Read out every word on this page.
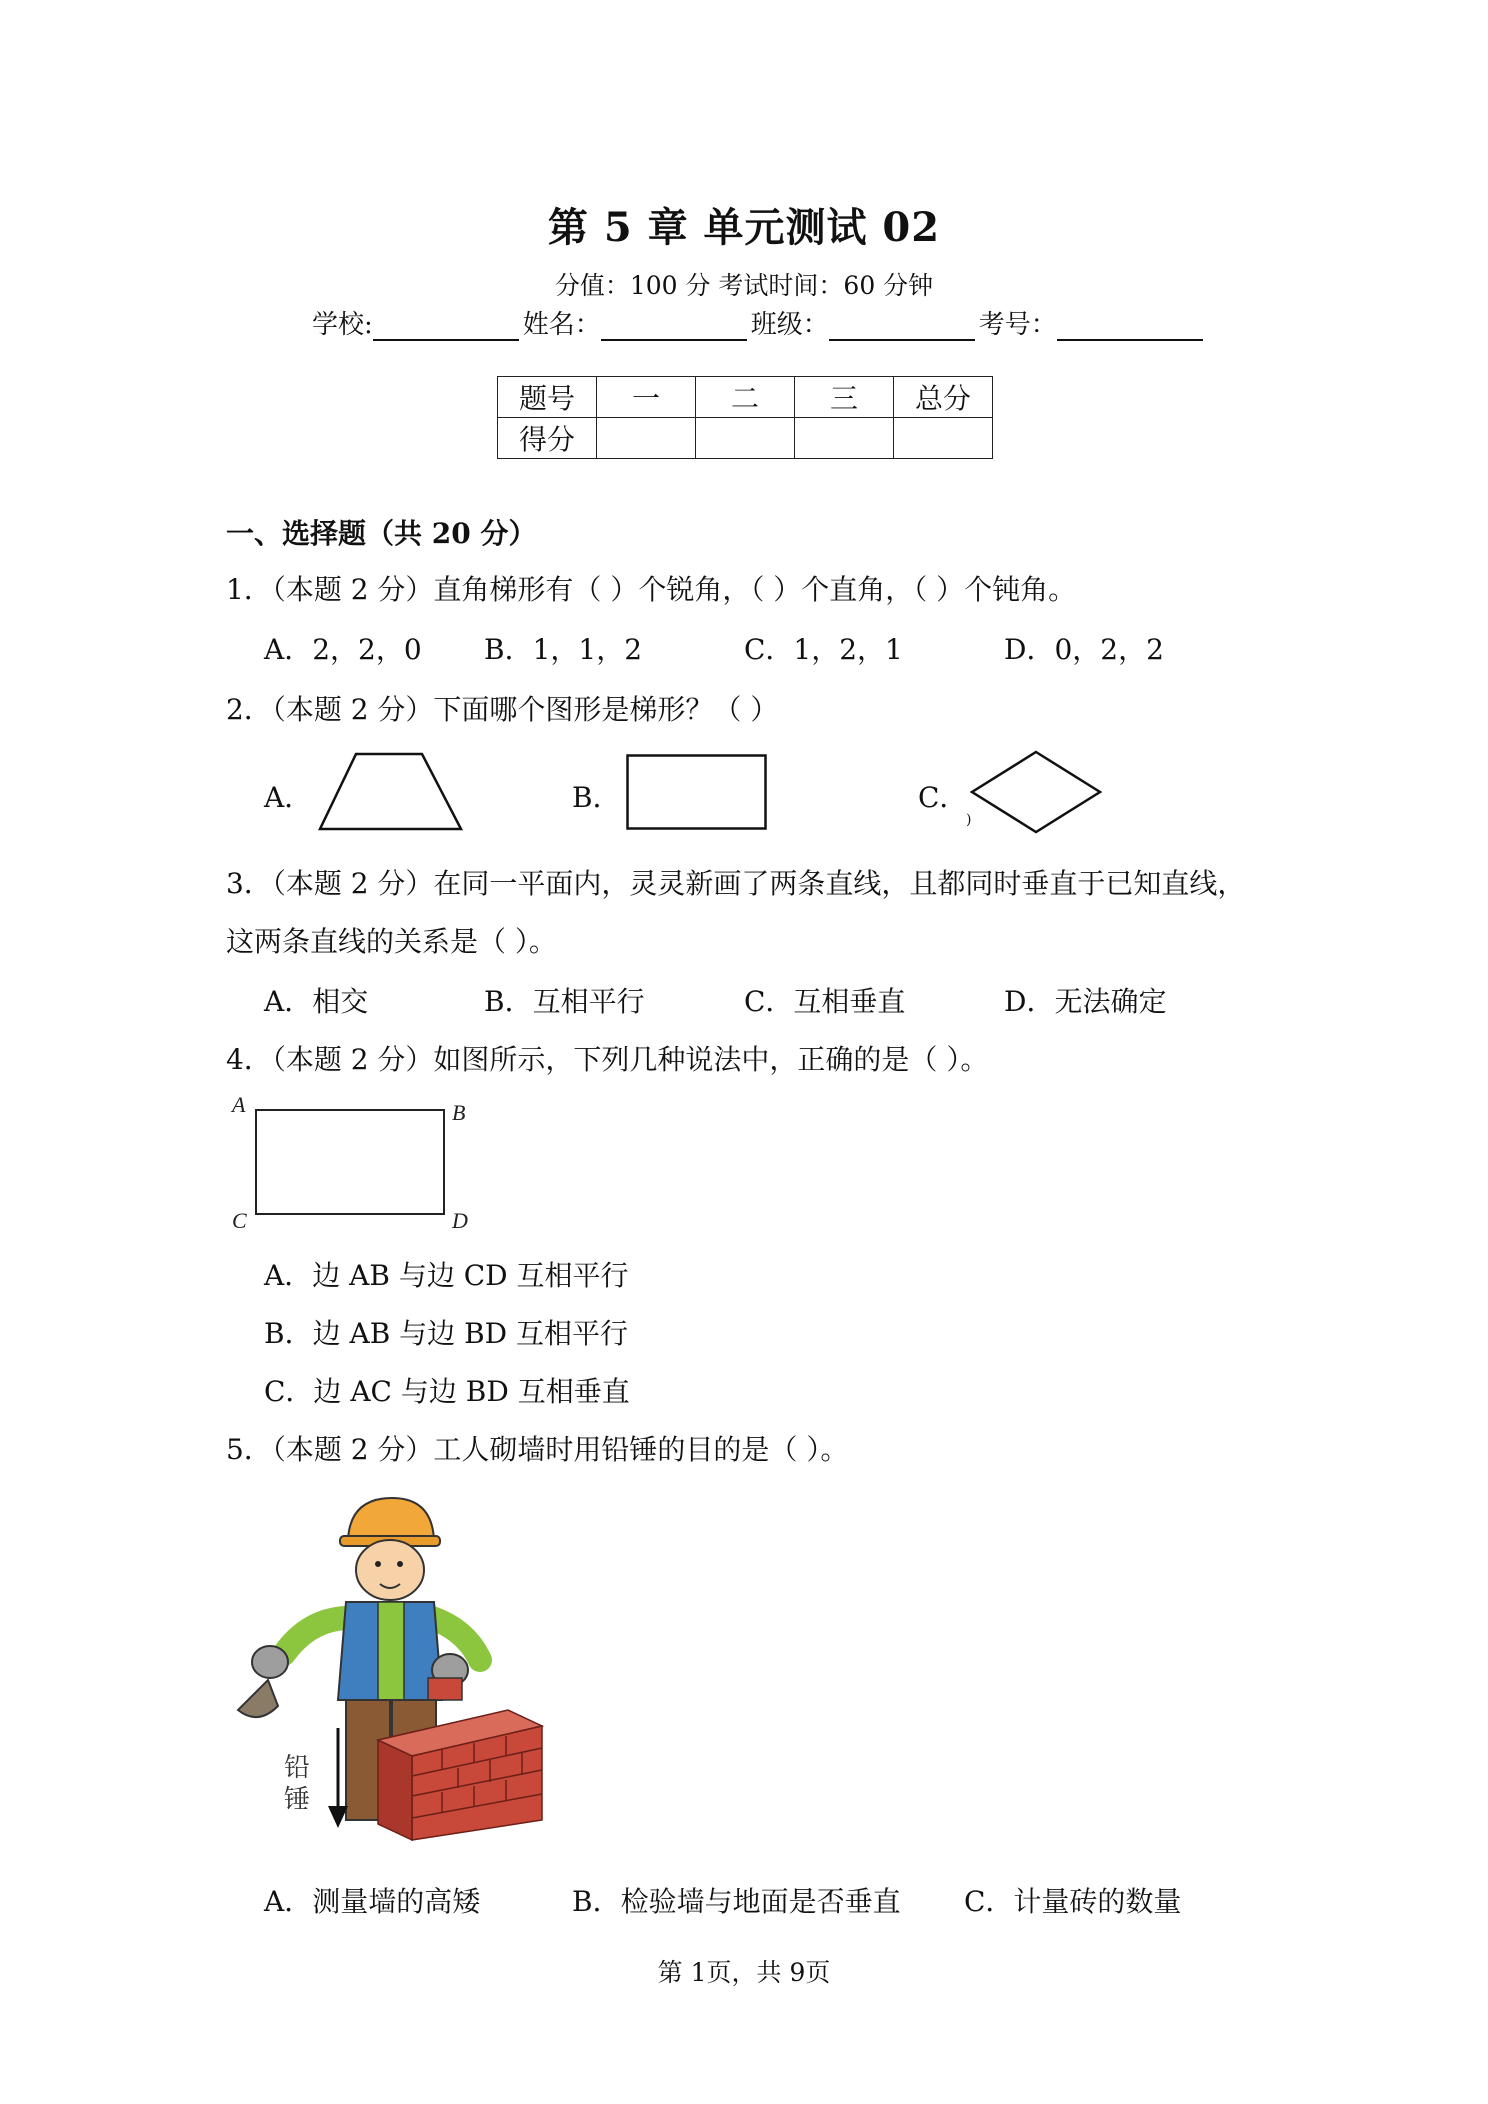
第 5 章 单元测试 02
分值：100 分 考试时间：60 分钟
学校:	姓名：	班级：	考号：
题号	一	二	三	总分
得分				
一、选择题（共 20 分）
1．（本题 2 分）直角梯形有（ ）个锐角，（ ）个直角，（ ）个钝角。
A．2，2，0 B．1，1，2	C．1，2，1	D．0，2，2
2．（本题 2 分）下面哪个图形是梯形？（ ）
A．	B．	C．
)
3．（本题 2 分）在同一平面内，灵灵新画了两条直线，且都同时垂直于已知直线，
这两条直线的关系是（ ）。
A．相交	B．互相平行	C．互相垂直	D．无法确定
4．（本题 2 分）如图所示，下列几种说法中，正确的是（ ）。
A	B
C	D
A．边 AB 与边 CD 互相平行
B．边 AB 与边 BD 互相平行
C．边 AC 与边 BD 互相垂直
5．（本题 2 分）工人砌墙时用铅锤的目的是（ ）。
铅
锤
A．测量墙的高矮	B．检验墙与地面是否垂直 C．计量砖的数量
第 1页，共 9页
